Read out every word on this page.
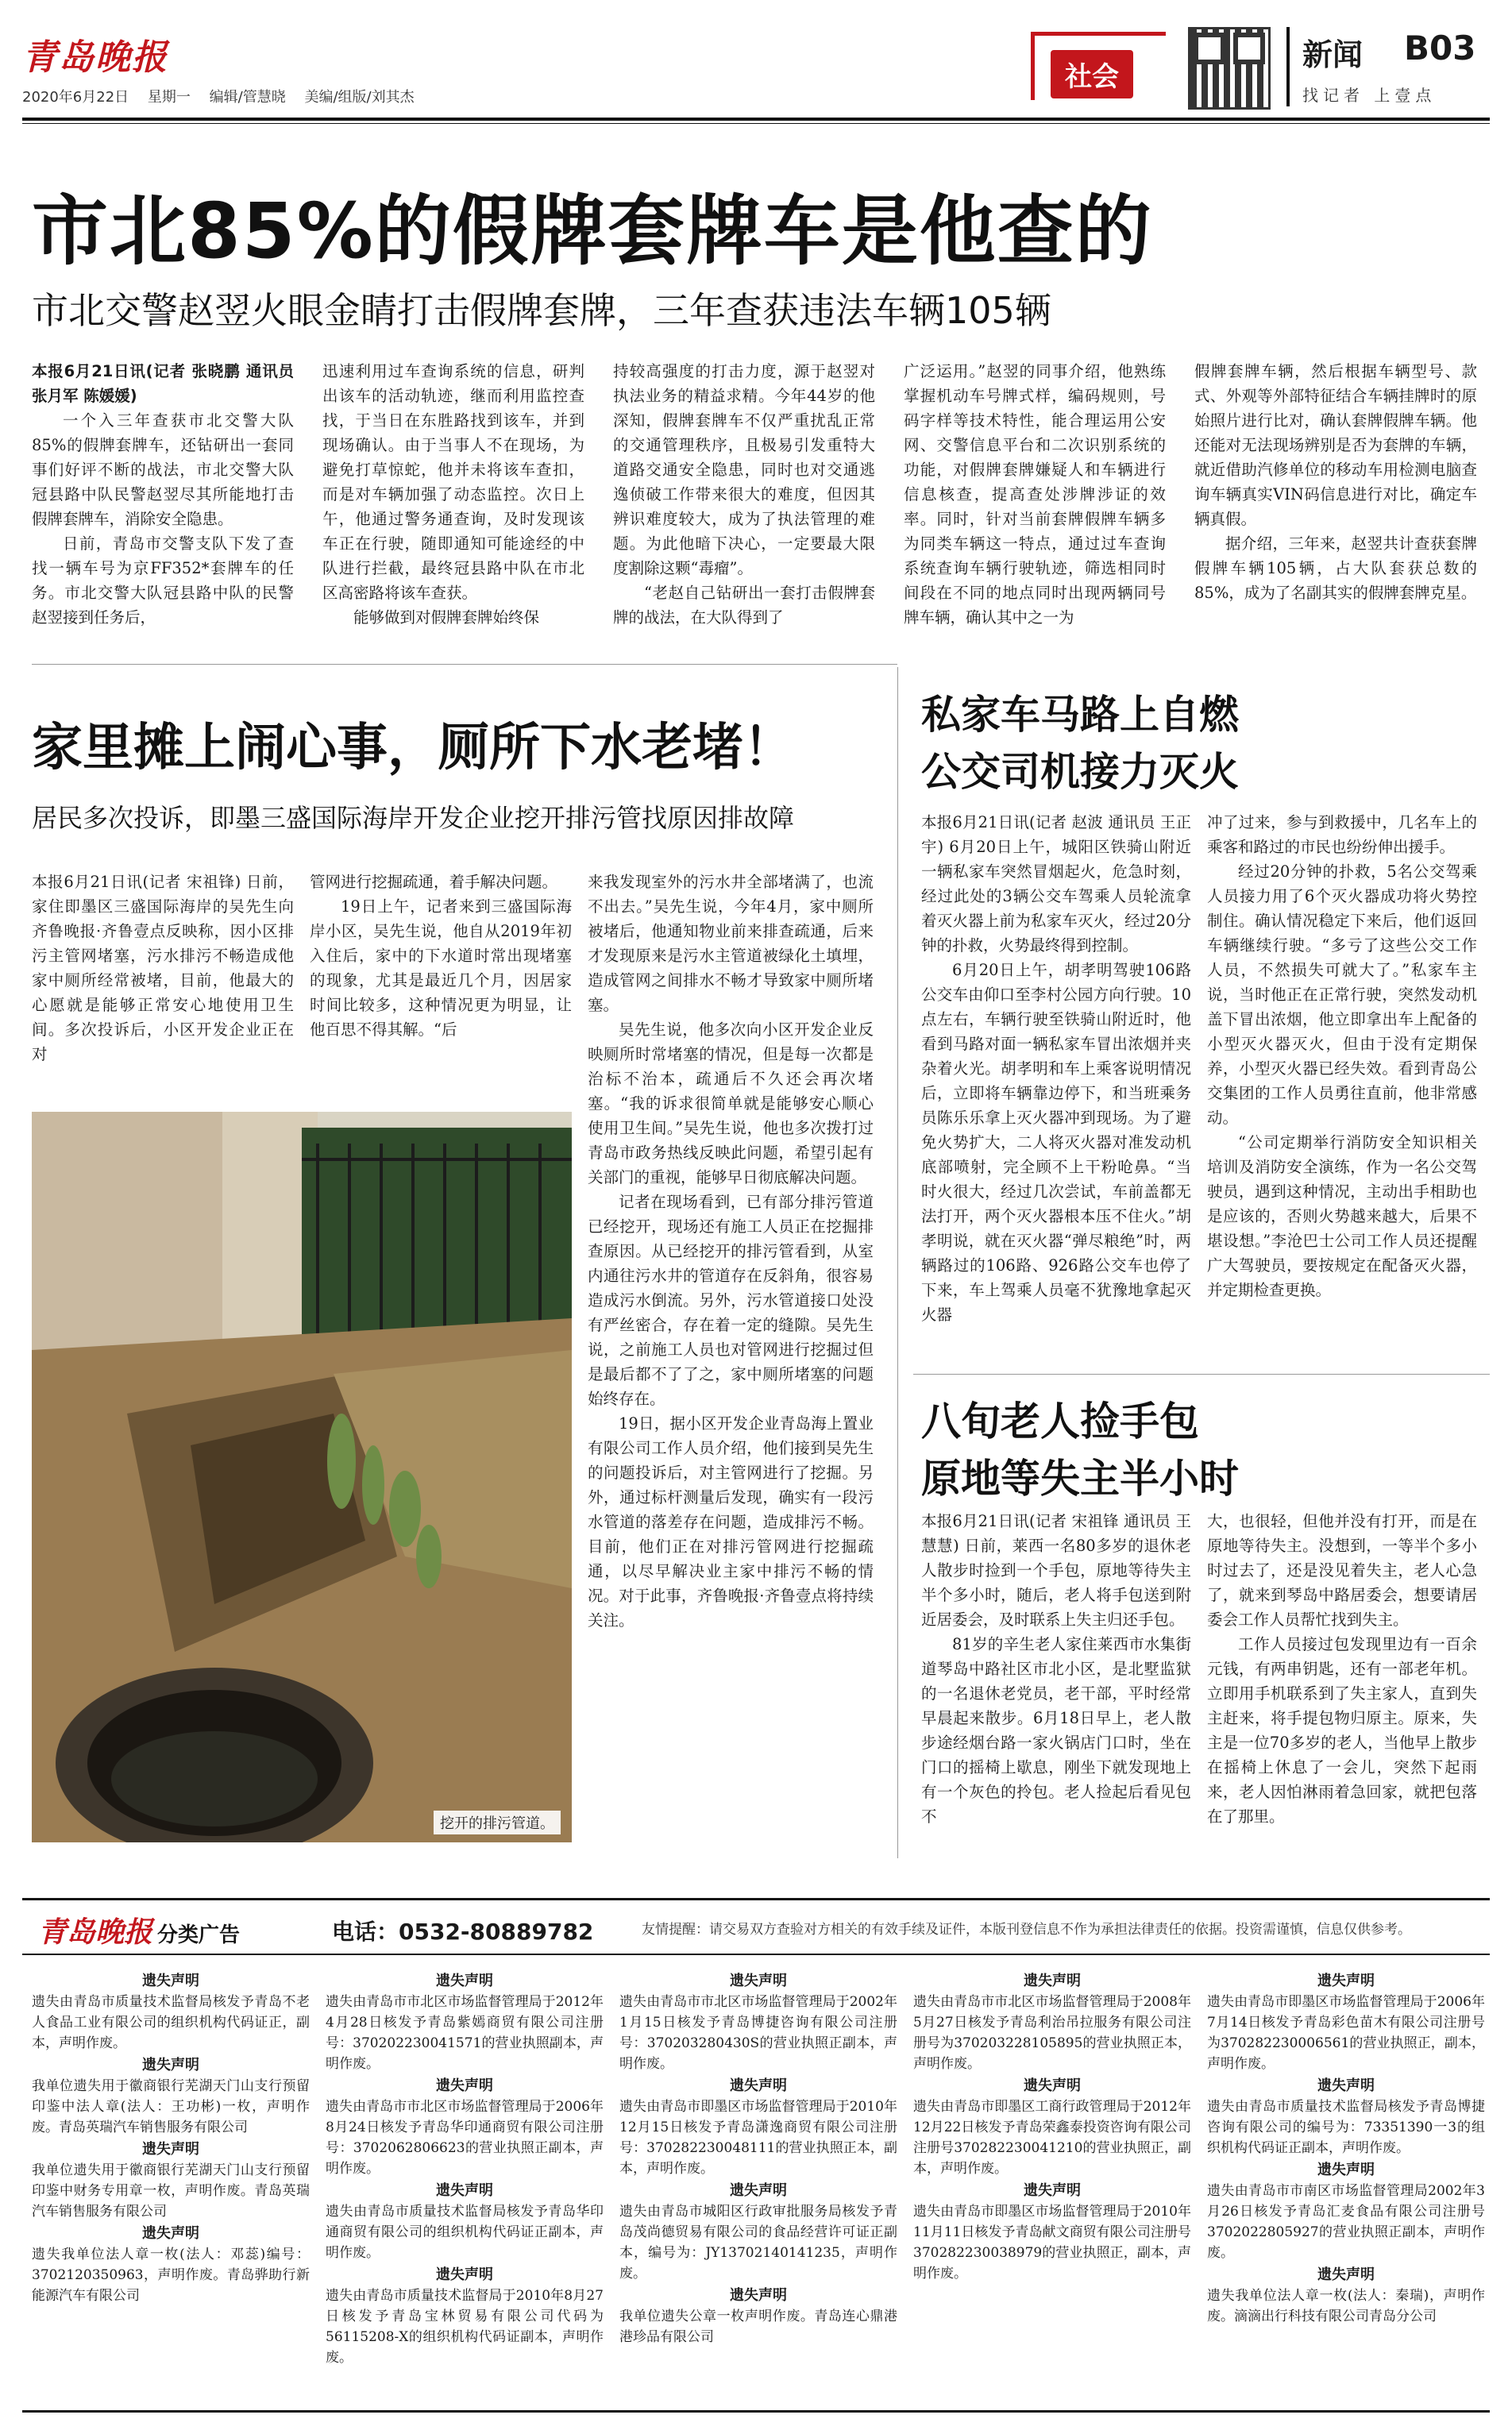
青岛晚报
2020年6月22日 星期一 编辑/管慧晓 美编/组版/刘其杰
社会
新闻 B03
找记者 上壹点
市北85%的假牌套牌车是他查的
市北交警赵翌火眼金睛打击假牌套牌，三年查获违法车辆105辆

本报6月21日讯(记者 张晓鹏 通讯员 张月军 陈媛媛)

一个入三年查获市北交警大队85%的假牌套牌车，还钻研出一套同事们好评不断的战法，市北交警大队冠县路中队民警赵翌尽其所能地打击假牌套牌车，消除安全隐患。

日前，青岛市交警支队下发了查找一辆车号为京FF352*套牌车的任务。市北交警大队冠县路中队的民警赵翌接到任务后，

迅速利用过车查询系统的信息，研判出该车的活动轨迹，继而利用监控查找，于当日在东胜路找到该车，并到现场确认。由于当事人不在现场，为避免打草惊蛇，他并未将该车查扣，而是对车辆加强了动态监控。次日上午，他通过警务通查询，及时发现该车正在行驶，随即通知可能途经的中队进行拦截，最终冠县路中队在市北区高密路将该车查获。

能够做到对假牌套牌始终保

持较高强度的打击力度，源于赵翌对执法业务的精益求精。今年44岁的他深知，假牌套牌车不仅严重扰乱正常的交通管理秩序，且极易引发重特大道路交通安全隐患，同时也对交通逃逸侦破工作带来很大的难度，但因其辨识难度较大，成为了执法管理的难题。为此他暗下决心，一定要最大限度割除这颗“毒瘤”。

“老赵自己钻研出一套打击假牌套牌的战法，在大队得到了

广泛运用。”赵翌的同事介绍，他熟练掌握机动车号牌式样，编码规则，号码字样等技术特性，能合理运用公安网、交警信息平台和二次识别系统的功能，对假牌套牌嫌疑人和车辆进行信息核查，提高查处涉牌涉证的效率。同时，针对当前套牌假牌车辆多为同类车辆这一特点，通过过车查询系统查询车辆行驶轨迹，筛选相同时间段在不同的地点同时出现两辆同号牌车辆，确认其中之一为

假牌套牌车辆，然后根据车辆型号、款式、外观等外部特征结合车辆挂牌时的原始照片进行比对，确认套牌假牌车辆。他还能对无法现场辨别是否为套牌的车辆，就近借助汽修单位的移动车用检测电脑查询车辆真实VIN码信息进行对比，确定车辆真假。

据介绍，三年来，赵翌共计查获套牌假牌车辆105辆，占大队套获总数的85%，成为了名副其实的假牌套牌克星。

家里摊上闹心事，厕所下水老堵！
居民多次投诉，即墨三盛国际海岸开发企业挖开排污管找原因排故障

本报6月21日讯(记者 宋祖锋) 日前，家住即墨区三盛国际海岸的吴先生向齐鲁晚报·齐鲁壹点反映称，因小区排污主管网堵塞，污水排污不畅造成他家中厕所经常被堵，目前，他最大的心愿就是能够正常安心地使用卫生间。多次投诉后，小区开发企业正在对

管网进行挖掘疏通，着手解决问题。

19日上午，记者来到三盛国际海岸小区，吴先生说，他自从2019年初入住后，家中的下水道时常出现堵塞的现象，尤其是最近几个月，因居家时间比较多，这种情况更为明显，让他百思不得其解。“后

来我发现室外的污水井全部堵满了，也流不出去。”吴先生说，今年4月，家中厕所被堵后，他通知物业前来排查疏通，后来才发现原来是污水主管道被绿化土填埋，造成管网之间排水不畅才导致家中厕所堵塞。

吴先生说，他多次向小区开发企业反映厕所时常堵塞的情况，但是每一次都是治标不治本，疏通后不久还会再次堵塞。“我的诉求很简单就是能够安心顺心使用卫生间。”吴先生说，他也多次拨打过青岛市政务热线反映此问题，希望引起有关部门的重视，能够早日彻底解决问题。

记者在现场看到，已有部分排污管道已经挖开，现场还有施工人员正在挖掘排查原因。从已经挖开的排污管看到，从室内通往污水井的管道存在反斜角，很容易造成污水倒流。另外，污水管道接口处没有严丝密合，存在着一定的缝隙。吴先生说，之前施工人员也对管网进行挖掘过但是最后都不了了之，家中厕所堵塞的问题始终存在。

19日，据小区开发企业青岛海上置业有限公司工作人员介绍，他们接到吴先生的问题投诉后，对主管网进行了挖掘。另外，通过标杆测量后发现，确实有一段污水管道的落差存在问题，造成排污不畅。目前，他们正在对排污管网进行挖掘疏通，以尽早解决业主家中排污不畅的情况。对于此事，齐鲁晚报·齐鲁壹点将持续关注。

挖开的排污管道。
私家车马路上自燃
公交司机接力灭火

本报6月21日讯(记者 赵波 通讯员 王正宇) 6月20日上午，城阳区铁骑山附近一辆私家车突然冒烟起火，危急时刻，经过此处的3辆公交车驾乘人员轮流拿着灭火器上前为私家车灭火，经过20分钟的扑救，火势最终得到控制。

6月20日上午，胡孝明驾驶106路公交车由仰口至李村公园方向行驶。10点左右，车辆行驶至铁骑山附近时，他看到马路对面一辆私家车冒出浓烟并夹杂着火光。胡孝明和车上乘客说明情况后，立即将车辆靠边停下，和当班乘务员陈乐乐拿上灭火器冲到现场。为了避免火势扩大，二人将灭火器对准发动机底部喷射，完全顾不上干粉呛鼻。“当时火很大，经过几次尝试，车前盖都无法打开，两个灭火器根本压不住火。”胡孝明说，就在灭火器“弹尽粮绝”时，两辆路过的106路、926路公交车也停了下来，车上驾乘人员毫不犹豫地拿起灭火器

冲了过来，参与到救援中，几名车上的乘客和路过的市民也纷纷伸出援手。

经过20分钟的扑救，5名公交驾乘人员接力用了6个灭火器成功将火势控制住。确认情况稳定下来后，他们返回车辆继续行驶。“多亏了这些公交工作人员，不然损失可就大了。”私家车主说，当时他正在正常行驶，突然发动机盖下冒出浓烟，他立即拿出车上配备的小型灭火器灭火，但由于没有定期保养，小型灭火器已经失效。看到青岛公交集团的工作人员勇往直前，他非常感动。

“公司定期举行消防安全知识相关培训及消防安全演练，作为一名公交驾驶员，遇到这种情况，主动出手相助也是应该的，否则火势越来越大，后果不堪设想。”李沧巴士公司工作人员还提醒广大驾驶员，要按规定在配备灭火器，并定期检查更换。

八旬老人捡手包
原地等失主半小时

本报6月21日讯(记者 宋祖锋 通讯员 王慧慧) 日前，莱西一名80多岁的退休老人散步时捡到一个手包，原地等待失主半个多小时，随后，老人将手包送到附近居委会，及时联系上失主归还手包。

81岁的辛生老人家住莱西市水集街道琴岛中路社区市北小区，是北墅监狱的一名退休老党员，老干部，平时经常早晨起来散步。6月18日早上，老人散步途经烟台路一家火锅店门口时，坐在门口的摇椅上歇息，刚坐下就发现地上有一个灰色的拎包。老人捡起后看见包不

大，也很轻，但他并没有打开，而是在原地等待失主。没想到，一等半个多小时过去了，还是没见着失主，老人心急了，就来到琴岛中路居委会，想要请居委会工作人员帮忙找到失主。

工作人员接过包发现里边有一百余元钱，有两串钥匙，还有一部老年机。立即用手机联系到了失主家人，直到失主赶来，将手提包物归原主。原来，失主是一位70多岁的老人，当他早上散步在摇椅上休息了一会儿，突然下起雨来，老人因怕淋雨着急回家，就把包落在了那里。

青岛晚报 分类广告	电话：0532-80889782	友情提醒：请交易双方查验对方相关的有效手续及证件，本版刊登信息不作为承担法律责任的依据。投资需谨慎，信息仅供参考。
遗失声明

遗失由青岛市质量技术监督局核发予青岛不老人食品工业有限公司的组织机构代码证正，副本，声明作废。

遗失声明

我单位遗失用于徽商银行芜湖天门山支行预留印鉴中法人章(法人：王功彬)一枚，声明作废。青岛英瑞汽车销售服务有限公司

遗失声明

我单位遗失用于徽商银行芜湖天门山支行预留印鉴中财务专用章一枚，声明作废。青岛英瑞汽车销售服务有限公司

遗失声明

遗失我单位法人章一枚(法人：邓蕊)编号：3702120350963，声明作废。青岛骅助行新能源汽车有限公司

遗失声明

遗失由青岛市市北区市场监督管理局于2012年4月28日核发予青岛紫嫣商贸有限公司注册号：370202230041571的营业执照副本，声明作废。

遗失声明

遗失由青岛市市北区市场监督管理局于2006年8月24日核发予青岛华印通商贸有限公司注册号：3702062806623的营业执照正副本，声明作废。

遗失声明

遗失由青岛市质量技术监督局核发予青岛华印通商贸有限公司的组织机构代码证正副本，声明作废。

遗失声明

遗失由青岛市质量技术监督局于2010年8月27日核发予青岛宝林贸易有限公司代码为56115208-X的组织机构代码证副本，声明作废。

遗失声明

遗失由青岛市市北区市场监督管理局于2002年1月15日核发予青岛博捷咨询有限公司注册号：370203280430S的营业执照正副本，声明作废。

遗失声明

遗失由青岛市即墨区市场监督管理局于2010年12月15日核发予青岛潇逸商贸有限公司注册号：370282230048111的营业执照正本，副本，声明作废。

遗失声明

遗失由青岛市城阳区行政审批服务局核发予青岛茂尚德贸易有限公司的食品经营许可证正副本，编号为：JY13702140141235，声明作废。

遗失声明

我单位遗失公章一枚声明作废。青岛连心鼎港港珍品有限公司

遗失声明

遗失由青岛市市北区市场监督管理局于2008年5月27日核发予青岛利治吊拉服务有限公司注册号为370203228105895的营业执照正本，声明作废。

遗失声明

遗失由青岛市即墨区工商行政管理局于2012年12月22日核发予青岛荣鑫泰投资咨询有限公司注册号370282230041210的营业执照正，副本，声明作废。

遗失声明

遗失由青岛市即墨区市场监督管理局于2010年11月11日核发予青岛献文商贸有限公司注册号370282230038979的营业执照正，副本，声明作废。

遗失声明

遗失由青岛市即墨区市场监督管理局于2006年7月14日核发予青岛彩色苗木有限公司注册号为370282230006561的营业执照正，副本，声明作废。

遗失声明

遗失由青岛市质量技术监督局核发予青岛博捷咨询有限公司的编号为：73351390一3的组织机构代码证正副本，声明作废。

遗失声明

遗失由青岛市市南区市场监督管理局2002年3月26日核发予青岛汇麦食品有限公司注册号370202280592​7的营业执照正副本，声明作废。

遗失声明

遗失我单位法人章一枚(法人：秦瑞)，声明作废。滴滴出行科技有限公司青岛分公司
